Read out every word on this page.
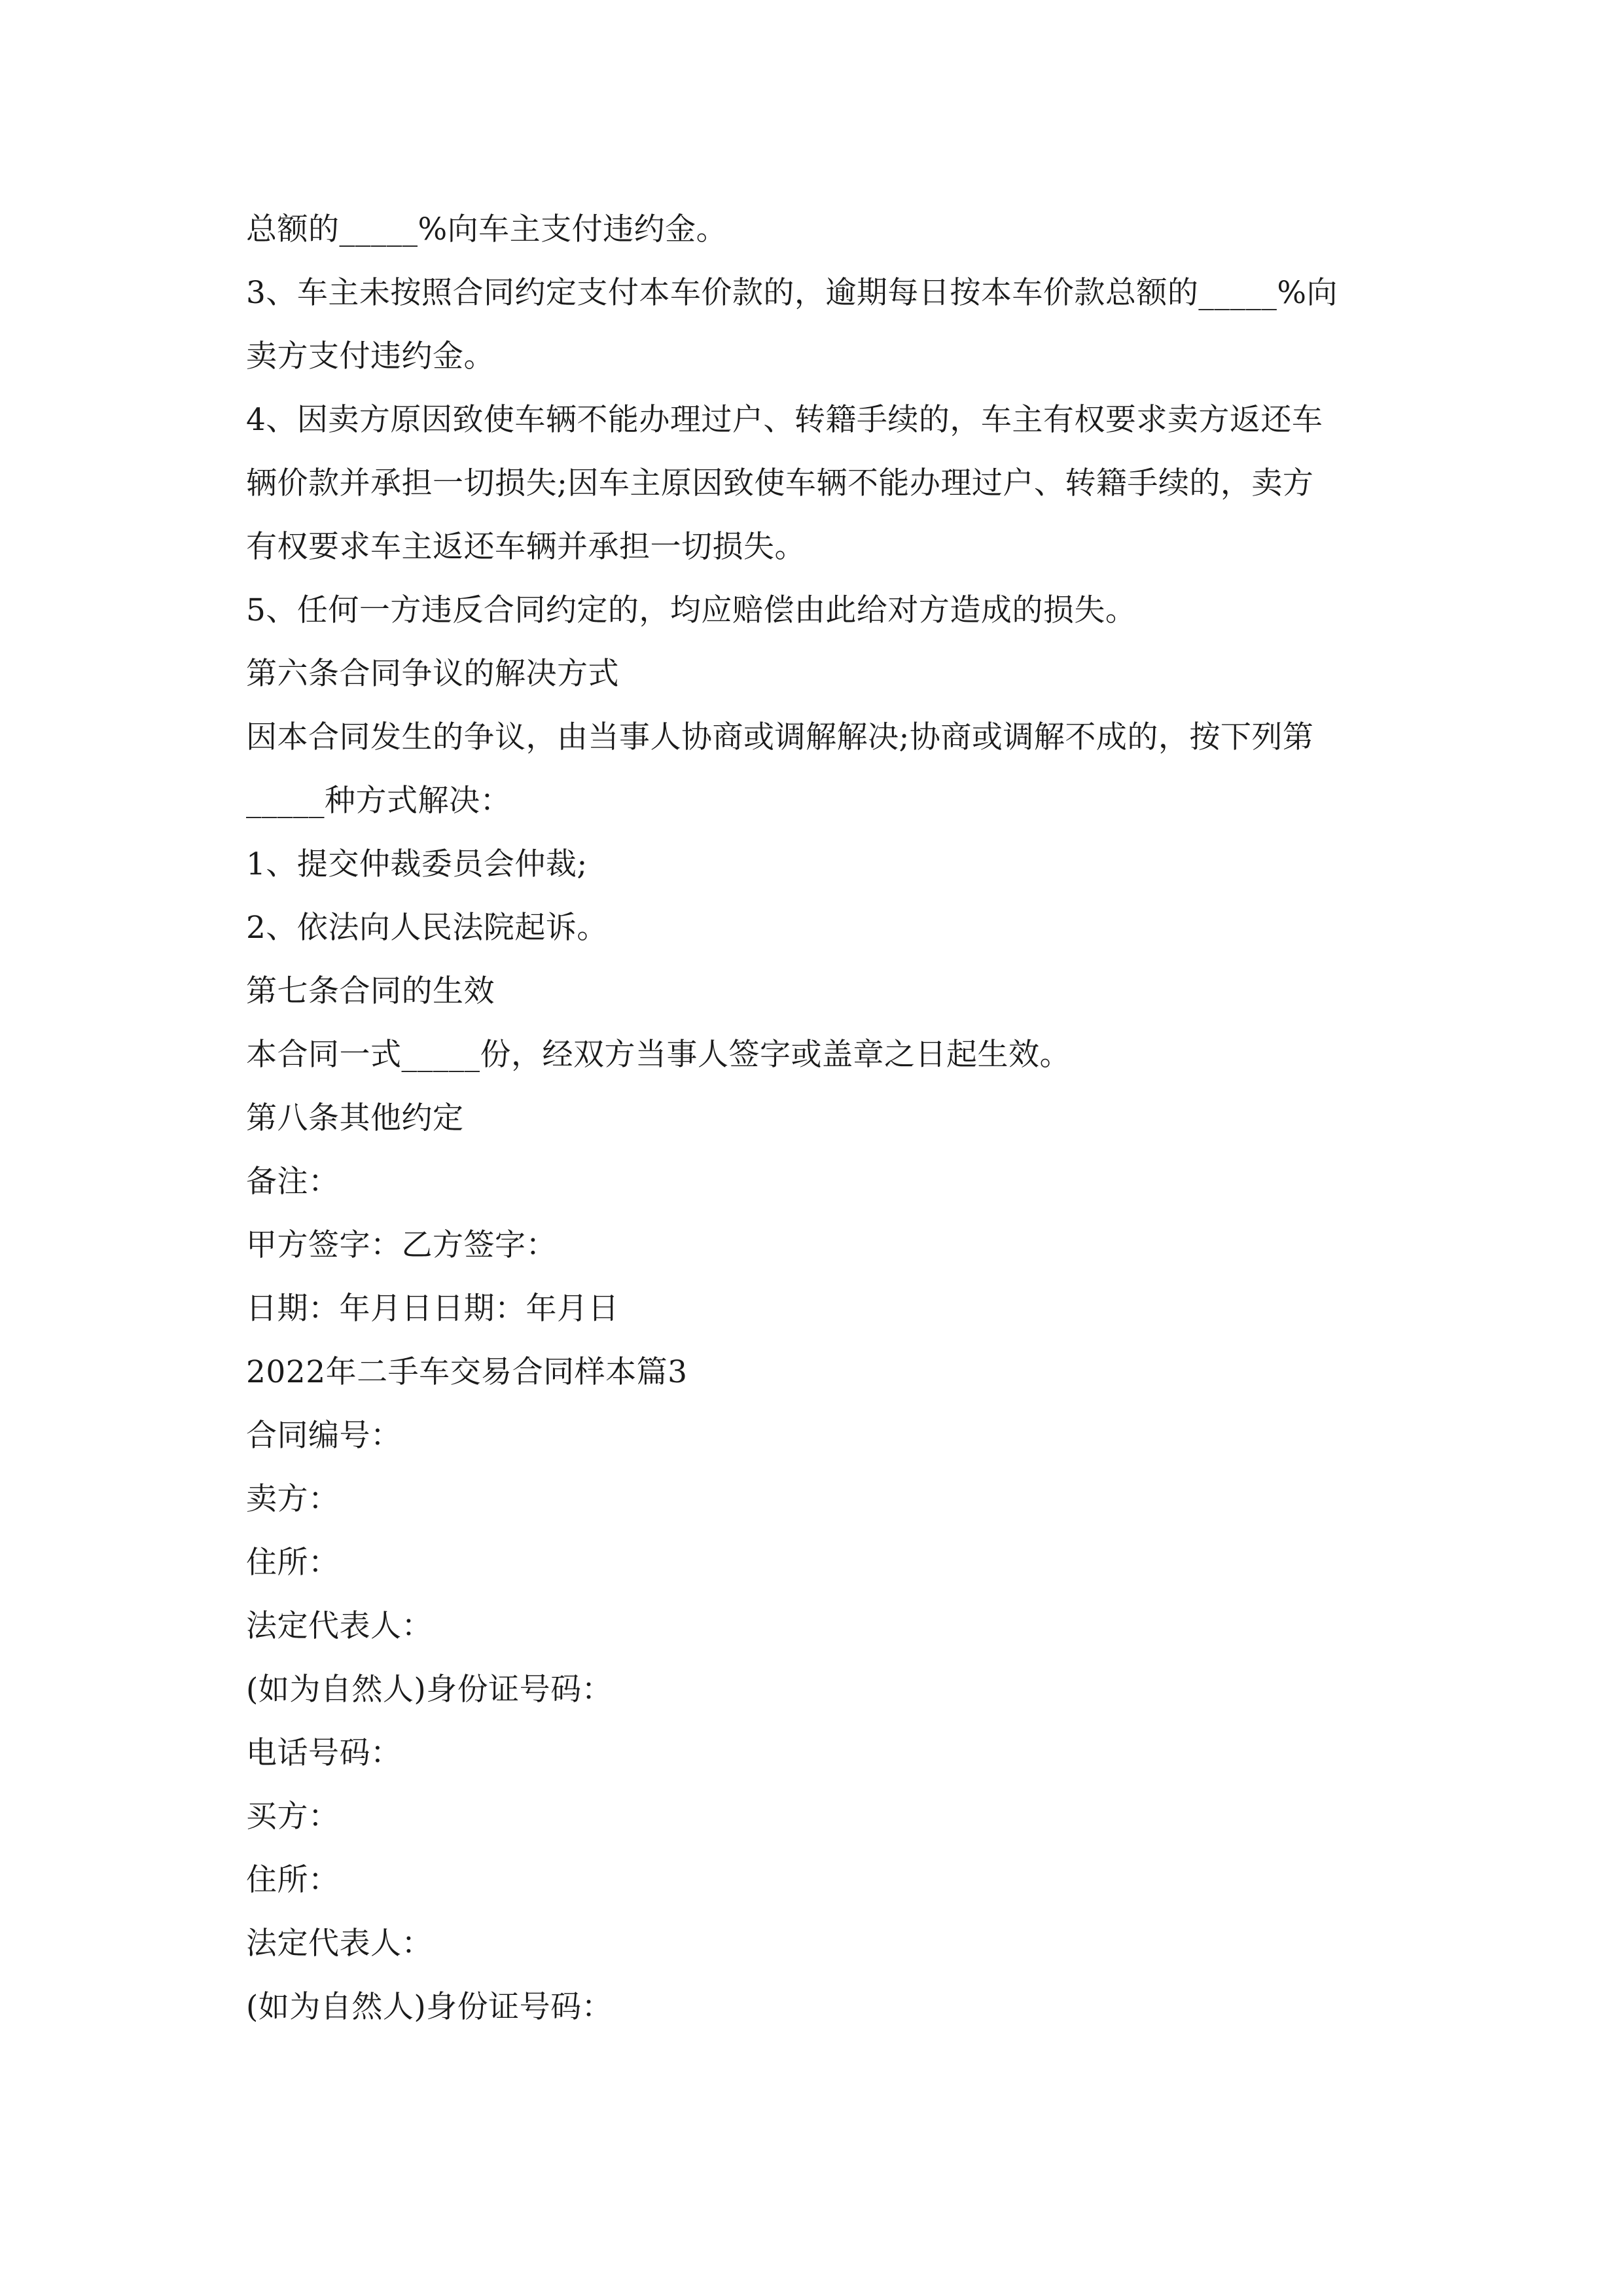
总额的_____%向车主支付违约金。
3、车主未按照合同约定支付本车价款的，逾期每日按本车价款总额的_____%向
卖方支付违约金。
4、因卖方原因致使车辆不能办理过户、转籍手续的，车主有权要求卖方返还车
辆价款并承担一切损失;因车主原因致使车辆不能办理过户、转籍手续的，卖方
有权要求车主返还车辆并承担一切损失。
5、任何一方违反合同约定的，均应赔偿由此给对方造成的损失。
第六条合同争议的解决方式
因本合同发生的争议，由当事人协商或调解解决;协商或调解不成的，按下列第
_____种方式解决：
1、提交仲裁委员会仲裁;
2、依法向人民法院起诉。
第七条合同的生效
本合同一式_____份，经双方当事人签字或盖章之日起生效。
第八条其他约定
备注：
甲方签字：乙方签字：
日期：年月日日期：年月日
2022年二手车交易合同样本篇3
合同编号：
卖方：
住所：
法定代表人：
(如为自然人)身份证号码：
电话号码：
买方：
住所：
法定代表人：
(如为自然人)身份证号码：
